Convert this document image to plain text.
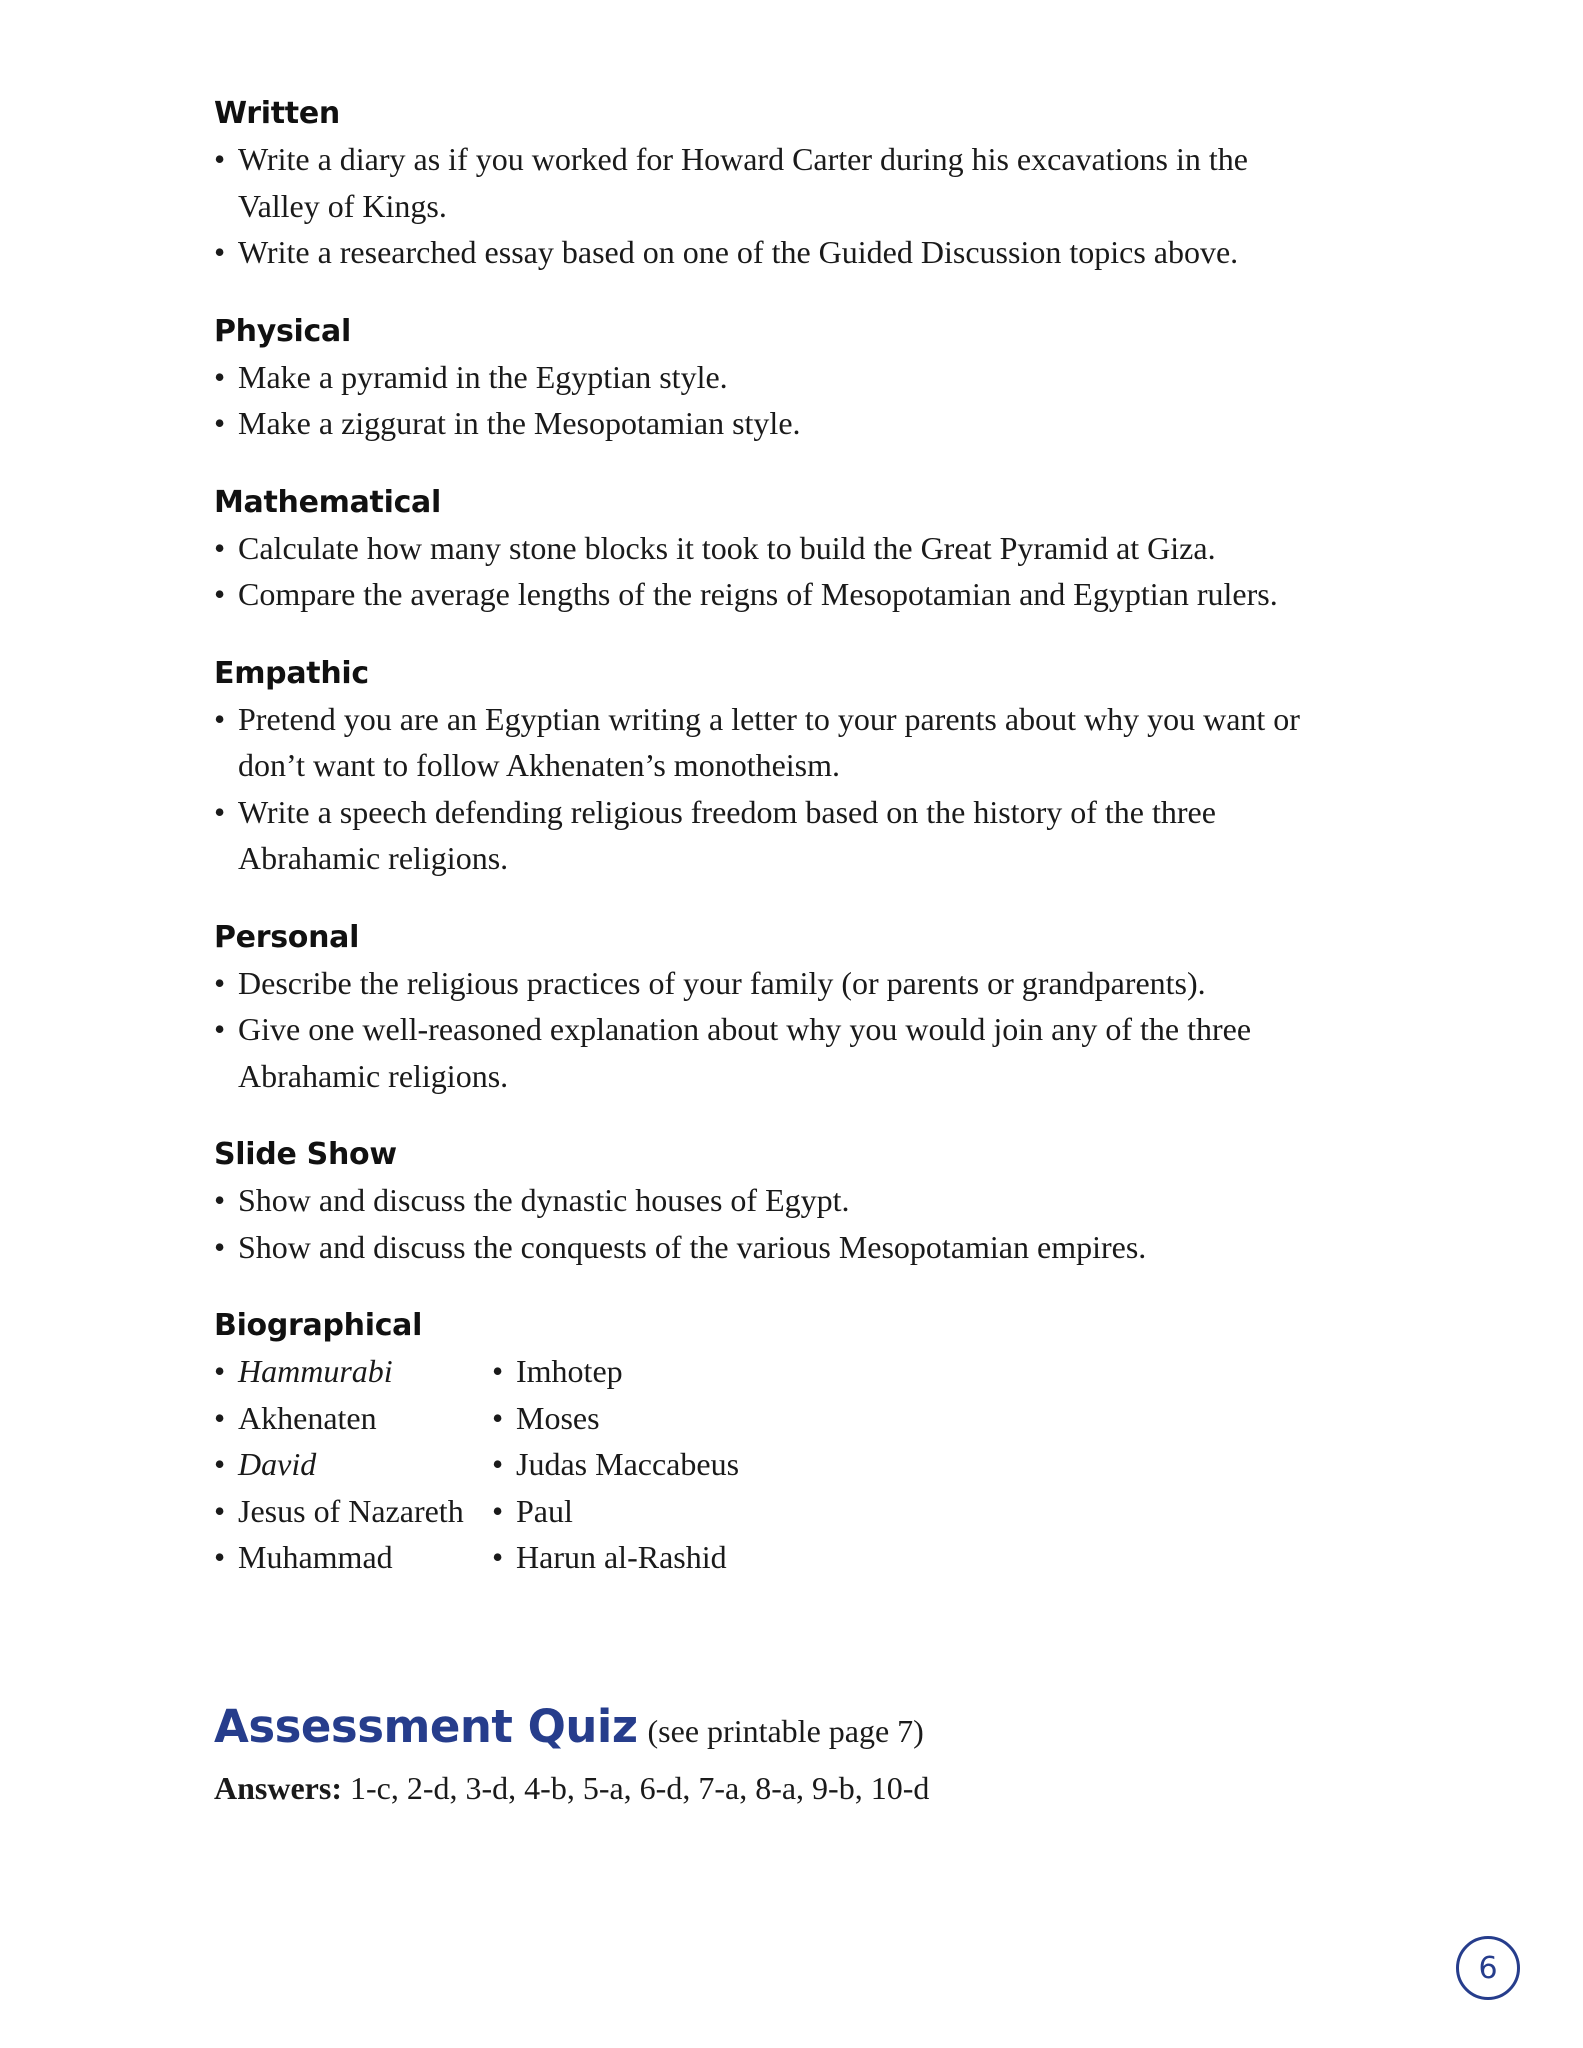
Written
• Write a diary as if you worked for Howard Carter during his excavations in the Valley of Kings.
• Write a researched essay based on one of the Guided Discussion topics above.
Physical
• Make a pyramid in the Egyptian style.
• Make a ziggurat in the Mesopotamian style.
Mathematical
• Calculate how many stone blocks it took to build the Great Pyramid at Giza.
• Compare the average lengths of the reigns of Mesopotamian and Egyptian rulers.
Empathic
• Pretend you are an Egyptian writing a letter to your parents about why you want or don’t want to follow Akhenaten’s monotheism.
• Write a speech defending religious freedom based on the history of the three Abrahamic religions.
Personal
• Describe the religious practices of your family (or parents or grandparents).
• Give one well-reasoned explanation about why you would join any of the three Abrahamic religions.
Slide Show
• Show and discuss the dynastic houses of Egypt.
• Show and discuss the conquests of the various Mesopotamian empires.
Biographical
• Hammurabi	• Imhotep
• Akhenaten	• Moses
• David	• Judas Maccabeus
• Jesus of Nazareth	• Paul
• Muhammad	• Harun al-Rashid
Assessment Quiz (see printable page 7)
Answers: 1-c, 2-d, 3-d, 4-b, 5-a, 6-d, 7-a, 8-a, 9-b, 10-d
6
